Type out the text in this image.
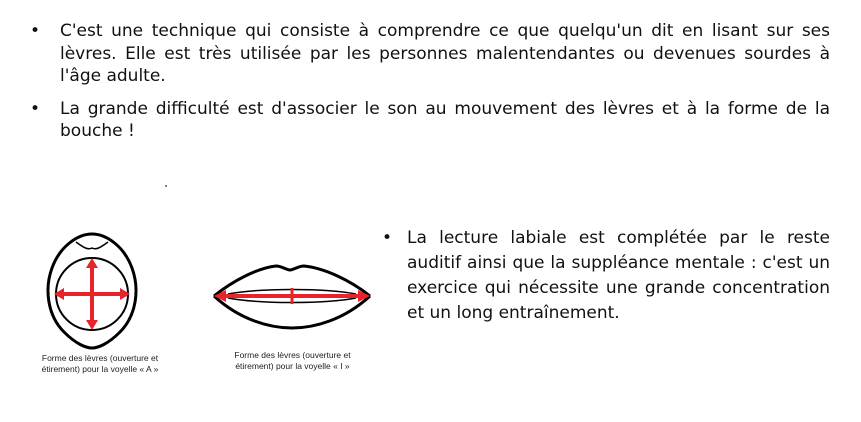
• C'est une technique qui consiste à comprendre ce que quelqu'un dit en lisant sur ses lèvres. Elle est très utilisée par les personnes malentendantes ou devenues sourdes à l'âge adulte.
• La grande difficulté est d'associer le son au mouvement des lèvres et à la forme de la bouche !

Forme des lèvres (ouverture et
étirement) pour la voyelle « A »

Forme des lèvres (ouverture et
étirement) pour la voyelle « I »

• La lecture labiale est complétée par le reste auditif ainsi que la suppléance mentale : c'est un exercice qui nécessite une grande concentration et un long entraînement.
